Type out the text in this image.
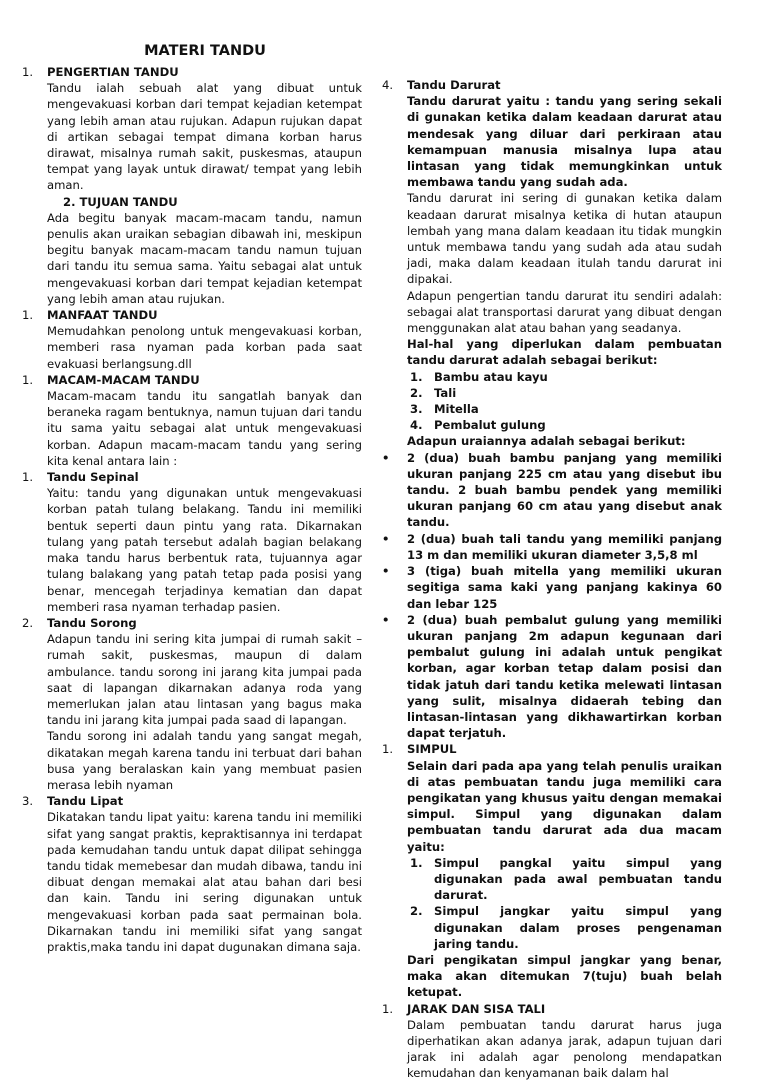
MATERI TANDU
1. PENGERTIAN TANDU

Tandu ialah sebuah alat yang dibuat untuk mengevakuasi korban dari tempat kejadian ketempat yang lebih aman atau rujukan. Adapun rujukan dapat di artikan sebagai tempat dimana korban harus dirawat, misalnya rumah sakit, puskesmas, ataupun tempat yang layak untuk dirawat/ tempat yang lebih aman.

2. TUJUAN TANDU

Ada begitu banyak macam-macam tandu, namun penulis akan uraikan sebagian dibawah ini, meskipun begitu banyak macam-macam tandu namun tujuan dari tandu itu semua sama. Yaitu sebagai alat untuk mengevakuasi korban dari tempat kejadian ketempat yang lebih aman atau rujukan.

1. MANFAAT TANDU

Memudahkan penolong untuk mengevakuasi korban, memberi rasa nyaman pada korban pada saat evakuasi berlangsung.dll

1. MACAM-MACAM TANDU

Macam-macam tandu itu sangatlah banyak dan beraneka ragam bentuknya, namun tujuan dari tandu itu sama yaitu sebagai alat untuk mengevakuasi korban. Adapun macam-macam tandu yang sering kita kenal antara lain :

1. Tandu Sepinal

Yaitu: tandu yang digunakan untuk mengevakuasi korban patah tulang belakang. Tandu ini memiliki bentuk seperti daun pintu yang rata. Dikarnakan tulang yang patah tersebut adalah bagian belakang maka tandu harus berbentuk rata, tujuannya agar tulang balakang yang patah tetap pada posisi yang benar, mencegah terjadinya kematian dan dapat memberi rasa nyaman terhadap pasien.

2. Tandu Sorong

Adapun tandu ini sering kita jumpai di rumah sakit – rumah sakit, puskesmas, maupun di dalam ambulance. tandu sorong ini jarang kita jumpai pada saat di lapangan dikarnakan adanya roda yang memerlukan jalan atau lintasan yang bagus maka tandu ini jarang kita jumpai pada saad di lapangan.

Tandu sorong ini adalah tandu yang sangat megah, dikatakan megah karena tandu ini terbuat dari bahan busa yang beralaskan kain yang membuat pasien merasa lebih nyaman

3. Tandu Lipat

Dikatakan tandu lipat yaitu: karena tandu ini memiliki sifat yang sangat praktis, kepraktisannya ini terdapat pada kemudahan tandu untuk dapat dilipat sehingga tandu tidak memebesar dan mudah dibawa, tandu ini dibuat dengan memakai alat atau bahan dari besi dan kain. Tandu ini sering digunakan untuk mengevakuasi korban pada saat permainan bola. Dikarnakan tandu ini memiliki sifat yang sangat praktis,maka tandu ini dapat dugunakan dimana saja.

4. Tandu Darurat

Tandu darurat yaitu : tandu yang sering sekali di gunakan ketika dalam keadaan darurat atau mendesak yang diluar dari perkiraan atau kemampuan manusia misalnya lupa atau lintasan yang tidak memungkinkan untuk membawa tandu yang sudah ada.

Tandu darurat ini sering di gunakan ketika dalam keadaan darurat misalnya ketika di hutan ataupun lembah yang mana dalam keadaan itu tidak mungkin untuk membawa tandu yang sudah ada atau sudah jadi, maka dalam keadaan itulah tandu darurat ini dipakai.

Adapun pengertian tandu darurat itu sendiri adalah: sebagai alat transportasi darurat yang dibuat dengan menggunakan alat atau bahan yang seadanya.

Hal-hal yang diperlukan dalam pembuatan tandu darurat adalah sebagai berikut:

1. Bambu atau kayu
2. Tali
3. Mitella
4. Pembalut gulung

Adapun uraiannya adalah sebagai berikut:

• 2 (dua) buah bambu panjang yang memiliki ukuran panjang 225 cm atau yang disebut ibu tandu. 2 buah bambu pendek yang memiliki ukuran panjang 60 cm atau yang disebut anak tandu.

• 2 (dua) buah tali tandu yang memiliki panjang 13 m dan memiliki ukuran diameter 3,5,8 ml

• 3 (tiga) buah mitella yang memiliki ukuran segitiga sama kaki yang panjang kakinya 60 dan lebar 125

• 2 (dua) buah pembalut gulung yang memiliki ukuran panjang 2m adapun kegunaan dari pembalut gulung ini adalah untuk pengikat korban, agar korban tetap dalam posisi dan tidak jatuh dari tandu ketika melewati lintasan yang sulit, misalnya didaerah tebing dan lintasan-lintasan yang dikhawartirkan korban dapat terjatuh.

1. SIMPUL

Selain dari pada apa yang telah penulis uraikan di atas pembuatan tandu juga memiliki cara pengikatan yang khusus yaitu dengan memakai simpul. Simpul yang digunakan dalam pembuatan tandu darurat ada dua macam yaitu:

1. Simpul pangkal yaitu simpul yang digunakan pada awal pembuatan tandu darurat.

2. Simpul jangkar yaitu simpul yang digunakan dalam proses pengenaman jaring tandu.

Dari pengikatan simpul jangkar yang benar, maka akan ditemukan 7(tuju) buah belah ketupat.

1. JARAK DAN SISA TALI

Dalam pembuatan tandu darurat harus juga diperhatikan akan adanya jarak, adapun tujuan dari jarak ini adalah agar penolong mendapatkan kemudahan dan kenyamanan baik dalam hal
